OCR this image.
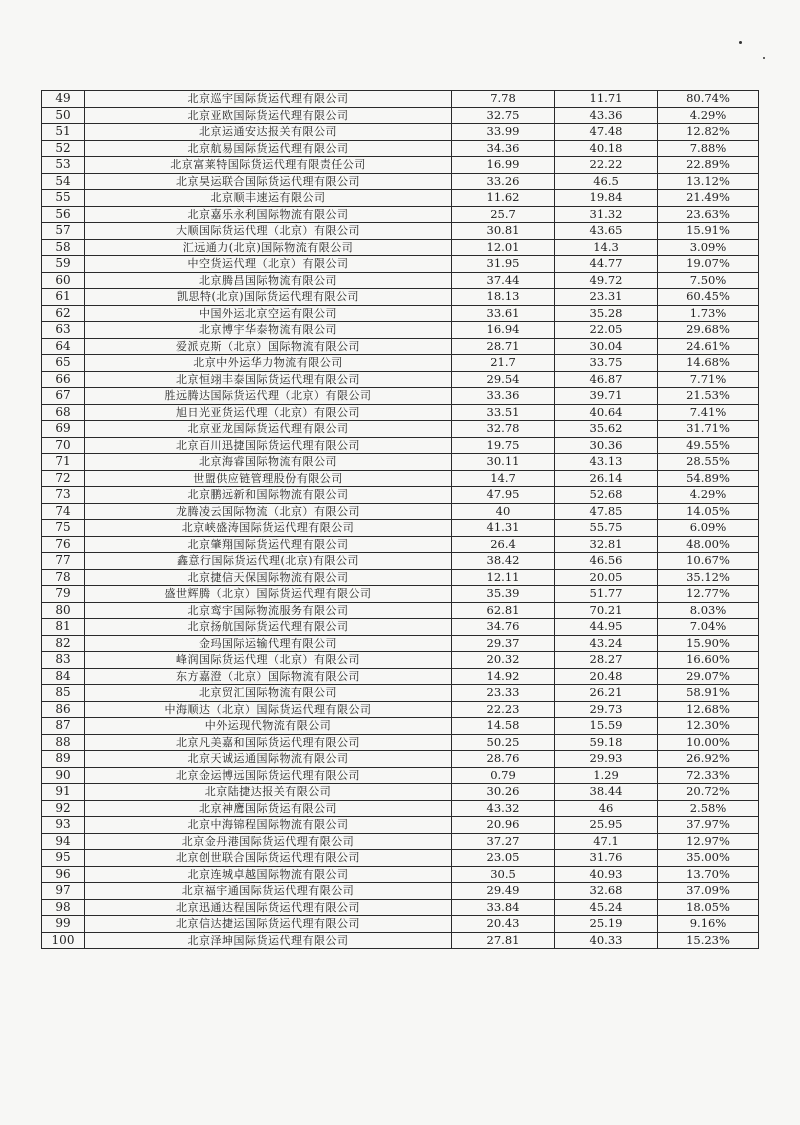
49	北京巡宇国际货运代理有限公司	7.78	11.71	80.74%
50	北京亚欧国际货运代理有限公司	32.75	43.36	4.29%
51	北京运通安达报关有限公司	33.99	47.48	12.82%
52	北京航易国际货运代理有限公司	34.36	40.18	7.88%
53	北京富莱特国际货运代理有限责任公司	16.99	22.22	22.89%
54	北京昊运联合国际货运代理有限公司	33.26	46.5	13.12%
55	北京顺丰速运有限公司	11.62	19.84	21.49%
56	北京嘉乐永利国际物流有限公司	25.7	31.32	23.63%
57	大顺国际货运代理（北京）有限公司	30.81	43.65	15.91%
58	汇远通力(北京)国际物流有限公司	12.01	14.3	3.09%
59	中空货运代理（北京）有限公司	31.95	44.77	19.07%
60	北京腾昌国际物流有限公司	37.44	49.72	7.50%
61	凯思特(北京)国际货运代理有限公司	18.13	23.31	60.45%
62	中国外运北京空运有限公司	33.61	35.28	1.73%
63	北京博宇华泰物流有限公司	16.94	22.05	29.68%
64	爱派克斯（北京）国际物流有限公司	28.71	30.04	24.61%
65	北京中外运华力物流有限公司	21.7	33.75	14.68%
66	北京恒翊丰泰国际货运代理有限公司	29.54	46.87	7.71%
67	胜远腾达国际货运代理（北京）有限公司	33.36	39.71	21.53%
68	旭日光亚货运代理（北京）有限公司	33.51	40.64	7.41%
69	北京亚龙国际货运代理有限公司	32.78	35.62	31.71%
70	北京百川迅捷国际货运代理有限公司	19.75	30.36	49.55%
71	北京海睿国际物流有限公司	30.11	43.13	28.55%
72	世盟供应链管理股份有限公司	14.7	26.14	54.89%
73	北京鹏远新和国际物流有限公司	47.95	52.68	4.29%
74	龙腾凌云国际物流（北京）有限公司	40	47.85	14.05%
75	北京峡盛涛国际货运代理有限公司	41.31	55.75	6.09%
76	北京肇翔国际货运代理有限公司	26.4	32.81	48.00%
77	鑫意行国际货运代理(北京)有限公司	38.42	46.56	10.67%
78	北京捷信天保国际物流有限公司	12.11	20.05	35.12%
79	盛世辉腾（北京）国际货运代理有限公司	35.39	51.77	12.77%
80	北京鸾宇国际物流服务有限公司	62.81	70.21	8.03%
81	北京扬航国际货运代理有限公司	34.76	44.95	7.04%
82	金玛国际运输代理有限公司	29.37	43.24	15.90%
83	峰润国际货运代理（北京）有限公司	20.32	28.27	16.60%
84	东方嘉澄（北京）国际物流有限公司	14.92	20.48	29.07%
85	北京贸汇国际物流有限公司	23.33	26.21	58.91%
86	中海顺达（北京）国际货运代理有限公司	22.23	29.73	12.68%
87	中外运现代物流有限公司	14.58	15.59	12.30%
88	北京凡美嘉和国际货运代理有限公司	50.25	59.18	10.00%
89	北京天诚运通国际物流有限公司	28.76	29.93	26.92%
90	北京金运博远国际货运代理有限公司	0.79	1.29	72.33%
91	北京陆捷达报关有限公司	30.26	38.44	20.72%
92	北京神鹰国际货运有限公司	43.32	46	2.58%
93	北京中海锦程国际物流有限公司	20.96	25.95	37.97%
94	北京金丹港国际货运代理有限公司	37.27	47.1	12.97%
95	北京创世联合国际货运代理有限公司	23.05	31.76	35.00%
96	北京连城卓越国际物流有限公司	30.5	40.93	13.70%
97	北京福宇通国际货运代理有限公司	29.49	32.68	37.09%
98	北京迅通达程国际货运代理有限公司	33.84	45.24	18.05%
99	北京信达捷运国际货运代理有限公司	20.43	25.19	9.16%
100	北京泽坤国际货运代理有限公司	27.81	40.33	15.23%
